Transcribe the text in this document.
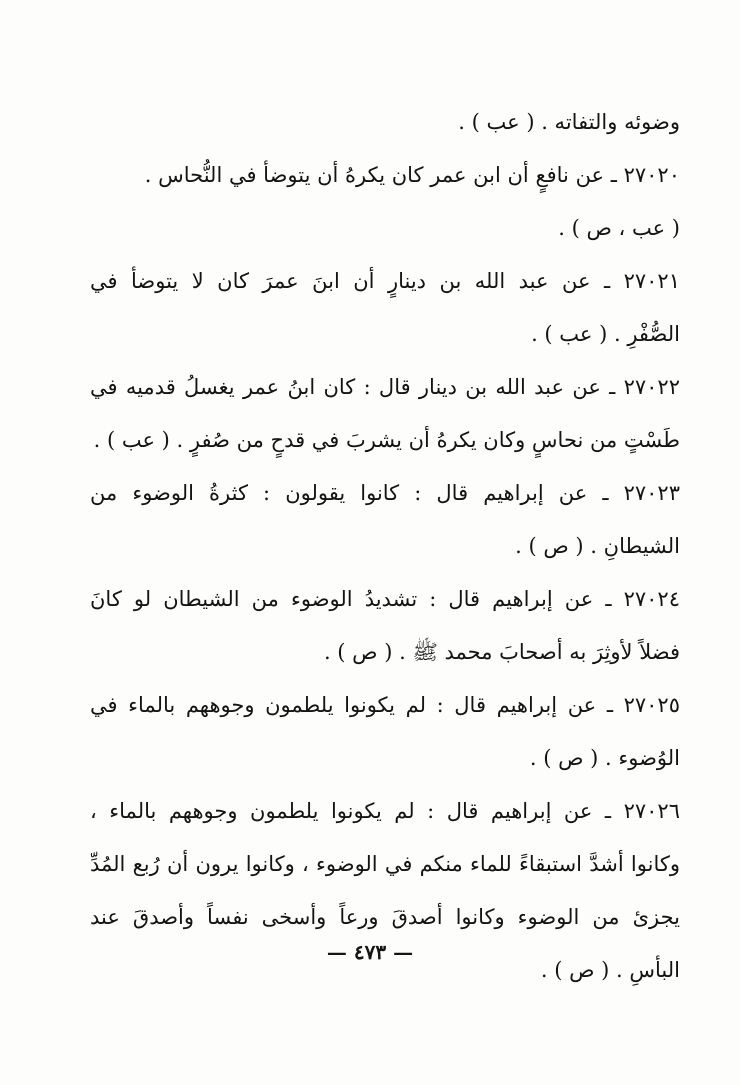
وضوئه والتفاته . ( عب ) .
٢٧٠٢٠ ـ عن نافعٍ أن ابن عمر كان يكرهُ أن يتوضأ في النُّحاس .
( عب ، ص ) .
٢٧٠٢١ ـ عن عبد الله بن دينارٍ أن ابنَ عمرَ كان لا يتوضأ في
الصُّفْرِ . ( عب ) .
٢٧٠٢٢ ـ عن عبد الله بن دينار قال : كان ابنُ عمر يغسلُ قدميه في
طَسْتٍ من نحاسٍ وكان يكرهُ أن يشربَ في قدحٍ من صُفرٍ . ( عب ) .
٢٧٠٢٣ ـ عن إبراهيم قال : كانوا يقولون : كثرةُ الوضوء من
الشيطانِ . ( ص ) .
٢٧٠٢٤ ـ عن إبراهيم قال : تشديدُ الوضوء من الشيطان لو كانَ
فضلاً لأوثِرَ به أصحابَ محمد ﷺ . ( ص ) .
٢٧٠٢٥ ـ عن إبراهيم قال : لم يكونوا يلطمون وجوههم بالماء في
الوُضوء . ( ص ) .
٢٧٠٢٦ ـ عن إبراهيم قال : لم يكونوا يلطمون وجوههم بالماء ،
وكانوا أشدَّ استبقاءً للماء منكم في الوضوء ، وكانوا يرون أن رُبع المُدِّ
يجزئ من الوضوء وكانوا أصدقَ ورعاً وأسخى نفساً وأصدقَ عند
البأسِ . ( ص ) .
— ٤٧٣ —
